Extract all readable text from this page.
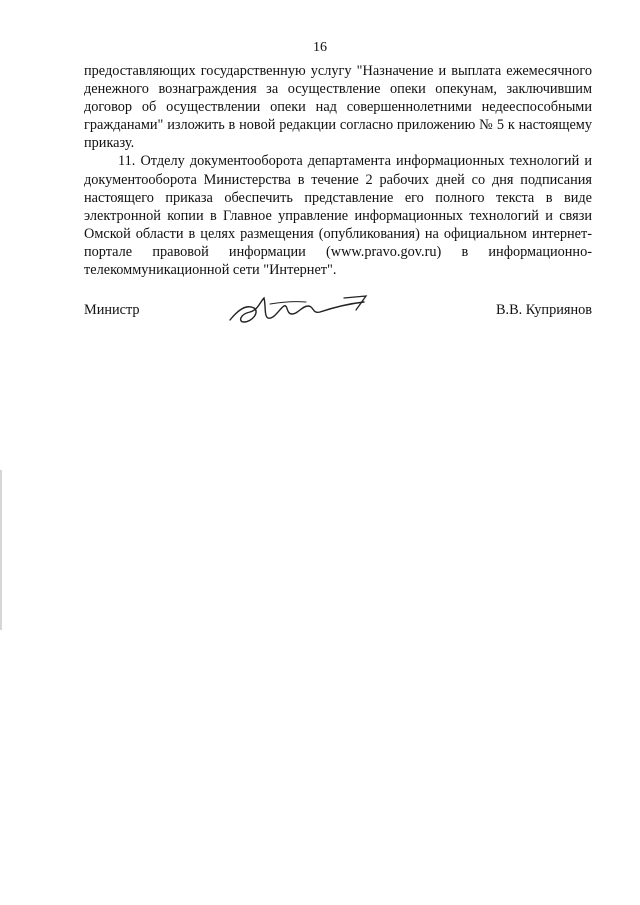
16

предоставляющих государственную услугу "Назначение и выплата ежемесячного денежного вознаграждения за осуществление опеки опекунам, заключившим договор об осуществлении опеки над совершеннолетними недееспособными гражданами" изложить в новой редакции согласно приложению № 5 к настоящему приказу.

11. Отделу документооборота департамента информационных технологий и документооборота Министерства в течение 2 рабочих дней со дня подписания настоящего приказа обеспечить представление его полного текста в виде электронной копии в Главное управление информационных технологий и связи Омской области в целях размещения (опубликования) на официальном интернет-портале правовой информации (www.pravo.gov.ru) в информационно-телекоммуникационной сети "Интернет".

Министр	В.В. Куприянов
